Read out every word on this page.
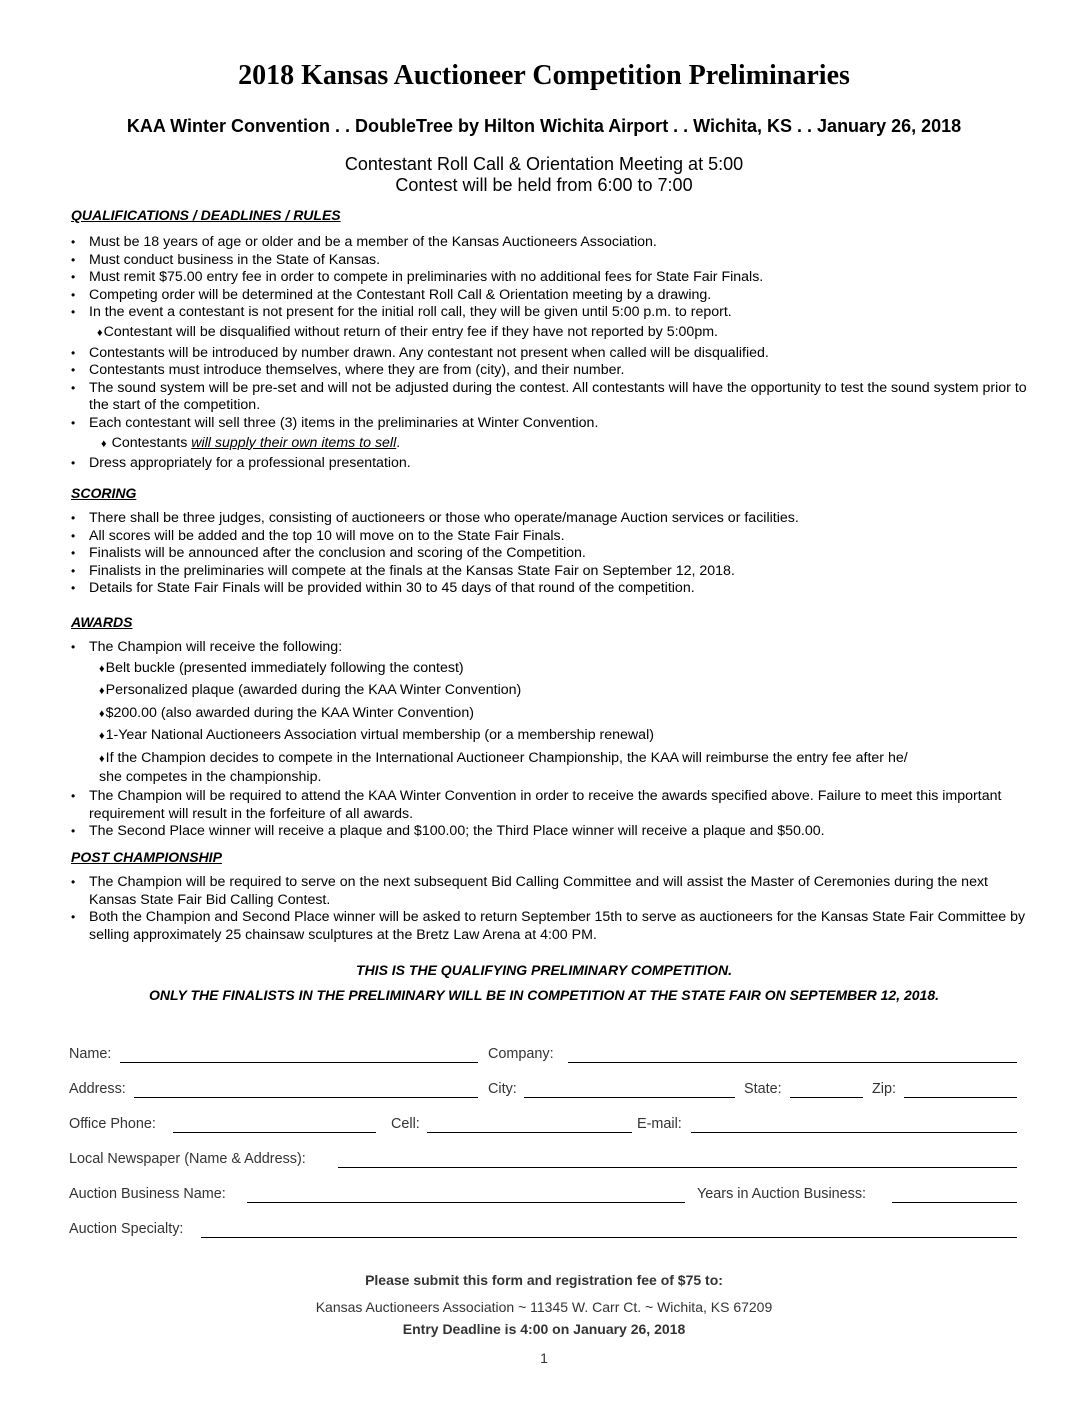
2018 Kansas Auctioneer Competition Preliminaries
KAA Winter Convention . . DoubleTree by Hilton Wichita Airport . . Wichita, KS . . January 26, 2018
Contestant Roll Call & Orientation Meeting at 5:00
Contest will be held from 6:00 to 7:00
QUALIFICATIONS / DEADLINES / RULES
• Must be 18 years of age or older and be a member of the Kansas Auctioneers Association.
• Must conduct business in the State of Kansas.
• Must remit $75.00 entry fee in order to compete in preliminaries with no additional fees for State Fair Finals.
• Competing order will be determined at the Contestant Roll Call & Orientation meeting by a drawing.
• In the event a contestant is not present for the initial roll call, they will be given until 5:00 p.m. to report.
♦Contestant will be disqualified without return of their entry fee if they have not reported by 5:00pm.
• Contestants will be introduced by number drawn. Any contestant not present when called will be disqualified.
• Contestants must introduce themselves, where they are from (city), and their number.
• The sound system will be pre-set and will not be adjusted during the contest. All contestants will have the opportunity to test the sound system prior to the start of the competition.
• Each contestant will sell three (3) items in the preliminaries at Winter Convention.
♦ Contestants will supply their own items to sell.
• Dress appropriately for a professional presentation.
SCORING
• There shall be three judges, consisting of auctioneers or those who operate/manage Auction services or facilities.
• All scores will be added and the top 10 will move on to the State Fair Finals.
• Finalists will be announced after the conclusion and scoring of the Competition.
• Finalists in the preliminaries will compete at the finals at the Kansas State Fair on September 12, 2018.
• Details for State Fair Finals will be provided within 30 to 45 days of that round of the competition.
AWARDS
• The Champion will receive the following:
♦Belt buckle (presented immediately following the contest)
♦Personalized plaque (awarded during the KAA Winter Convention)
♦$200.00 (also awarded during the KAA Winter Convention)
♦1-Year National Auctioneers Association virtual membership (or a membership renewal)
♦If the Champion decides to compete in the International Auctioneer Championship, the KAA will reimburse the entry fee after he/
she competes in the championship.
• The Champion will be required to attend the KAA Winter Convention in order to receive the awards specified above. Failure to meet this important requirement will result in the forfeiture of all awards.
• The Second Place winner will receive a plaque and $100.00; the Third Place winner will receive a plaque and $50.00.
POST CHAMPIONSHIP
• The Champion will be required to serve on the next subsequent Bid Calling Committee and will assist the Master of Ceremonies during the next Kansas State Fair Bid Calling Contest.
• Both the Champion and Second Place winner will be asked to return September 15th to serve as auctioneers for the Kansas State Fair Committee by selling approximately 25 chainsaw sculptures at the Bretz Law Arena at 4:00 PM.
THIS IS THE QUALIFYING PRELIMINARY COMPETITION.
ONLY THE FINALISTS IN THE PRELIMINARY WILL BE IN COMPETITION AT THE STATE FAIR ON SEPTEMBER 12, 2018.
Name:	Company:
Address:	City:	State:	Zip:
Office Phone:	Cell:	E-mail:
Local Newspaper (Name & Address):
Auction Business Name:	Years in Auction Business:
Auction Specialty:
Please submit this form and registration fee of $75 to:
Kansas Auctioneers Association ~ 11345 W. Carr Ct. ~ Wichita, KS 67209
Entry Deadline is 4:00 on January 26, 2018
1
